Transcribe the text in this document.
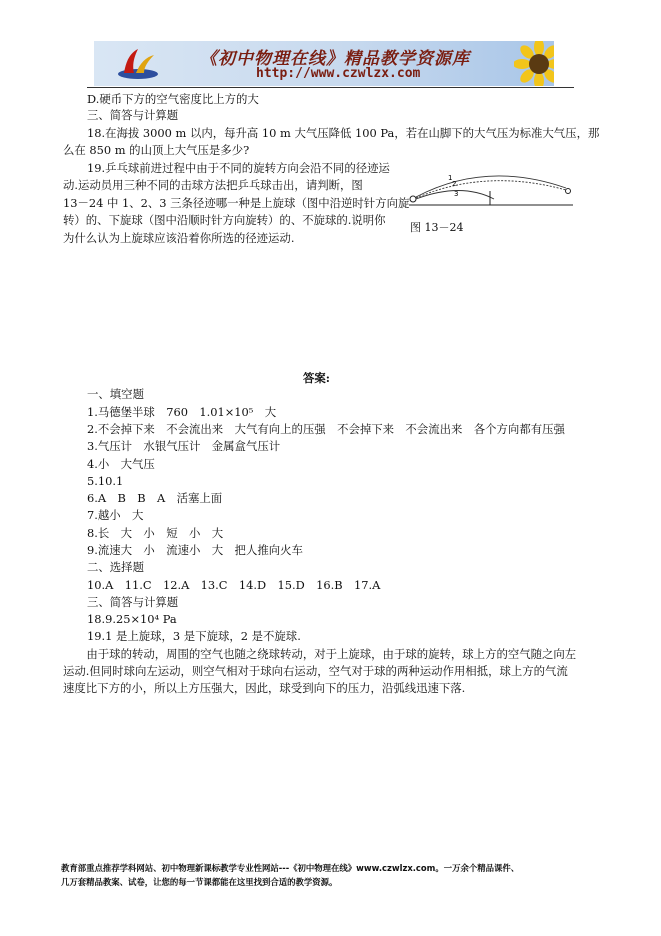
《初中物理在线》精品教学资源库
http://www.czwlzx.com
D.硬币下方的空气密度比上方的大
三、简答与计算题
18.在海拔 3000 m 以内，每升高 10 m 大气压降低 100 Pa，若在山脚下的大气压为标准大气压，那
么在 850 m 的山顶上大气压是多少?
19.乒乓球前进过程中由于不同的旋转方向会沿不同的径迹运
动.运动员用三种不同的击球方法把乒乓球击出，请判断，图
13－24 中 1、2、3 三条径迹哪一种是上旋球（图中沿逆时针方向旋
转）的、下旋球（图中沿顺时针方向旋转）的、不旋球的.说明你
为什么认为上旋球应该沿着你所选的径迹运动.
1
2
3
图 13－24
答案:
一、填空题
1.马德堡半球　760　1.01×10⁵　大
2.不会掉下来　不会流出来　大气有向上的压强　不会掉下来　不会流出来　各个方向都有压强
3.气压计　水银气压计　金属盒气压计
4.小　大气压
5.10.1
6.A　B　B　A　活塞上面
7.越小　大
8.长　大　小　短　小　大
9.流速大　小　流速小　大　把人推向火车
二、选择题
10.A　11.C　12.A　13.C　14.D　15.D　16.B　17.A
三、简答与计算题
18.9.25×10⁴ Pa
19.1 是上旋球，3 是下旋球，2 是不旋球.
　由于球的转动，周围的空气也随之绕球转动，对于上旋球，由于球的旋转，球上方的空气随之向左
运动.但同时球向左运动，则空气相对于球向右运动，空气对于球的两种运动作用相抵，球上方的气流
速度比下方的小，所以上方压强大，因此，球受到向下的压力，沿弧线迅速下落.
教育部重点推荐学科网站、初中物理新课标教学专业性网站---《初中物理在线》www.czwlzx.com。一万余个精品课件、
几万套精品教案、试卷，让您的每一节课都能在这里找到合适的教学资源。
